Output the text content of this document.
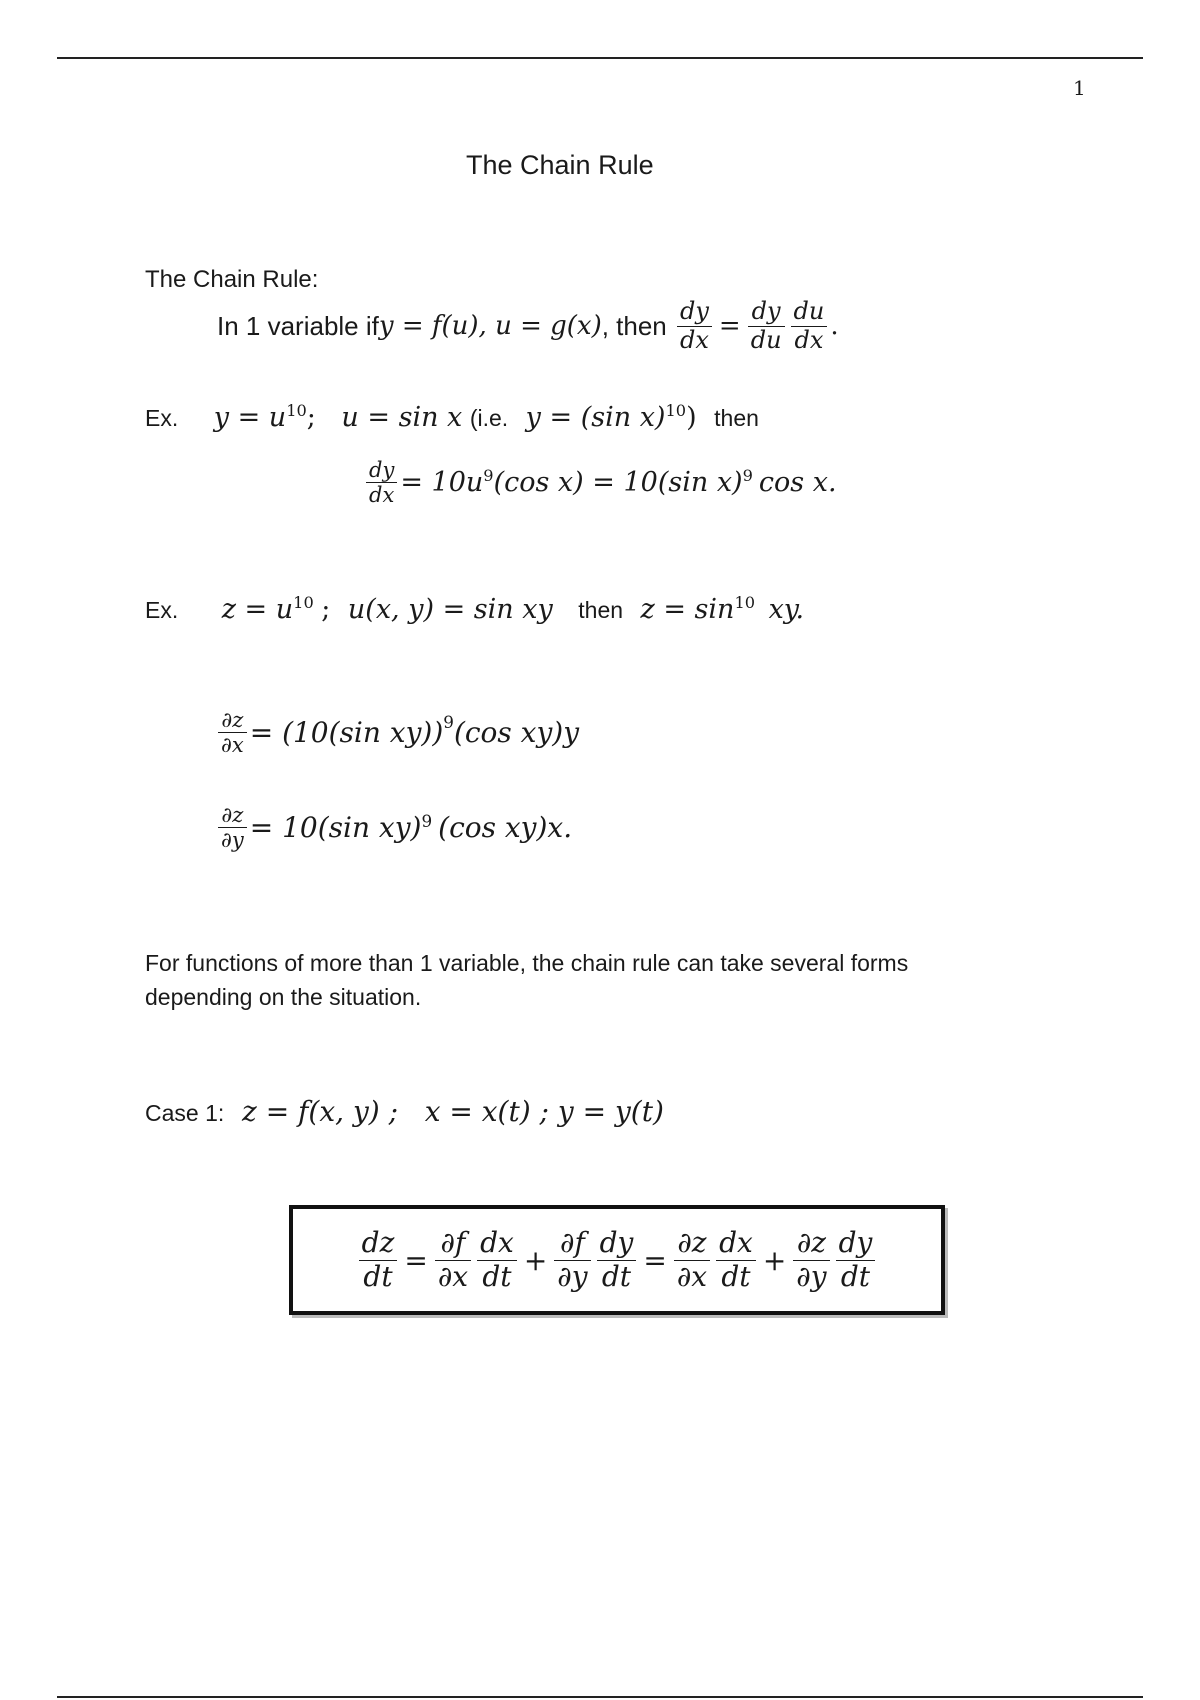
1
The Chain Rule
The Chain Rule:
In 1 variable if y = f(u), u = g(x) , then $\frac{dy}{dx} = \frac{dy}{du} \frac{du}{dx}$ .
Ex. $y = u^{10}$; u = sin x (i.e. y = (sin x)$^{10}$) then
$\frac{dy}{dx} = 10u$ 9 (cos x) = 10(sin x) 9 cos x.
Ex. $z = u^{10}$ ; u(x, y) = sin xy then $z = \sin^{10}$ xy.
$\frac{\partial z}{\partial x} = (10(\sin$ xy)) 9 (cos xy)y
$\frac{\partial z}{\partial y} = 10(\sin$ xy) 9 (cos xy)x.
For functions of more than 1 variable, the chain rule can take several forms
depending on the situation.
Case 1: z = f(x, y) ;   x = x(t) ; y = y(t)
$\frac{dz}{dt} = \frac{\partial f}{\partial x} \frac{dx}{dt} + \frac{\partial f}{\partial y} \frac{dy}{dt} = \frac{\partial z}{\partial x} \frac{dx}{dt} + \frac{\partial z}{\partial y} \frac{dy}{dt}$
